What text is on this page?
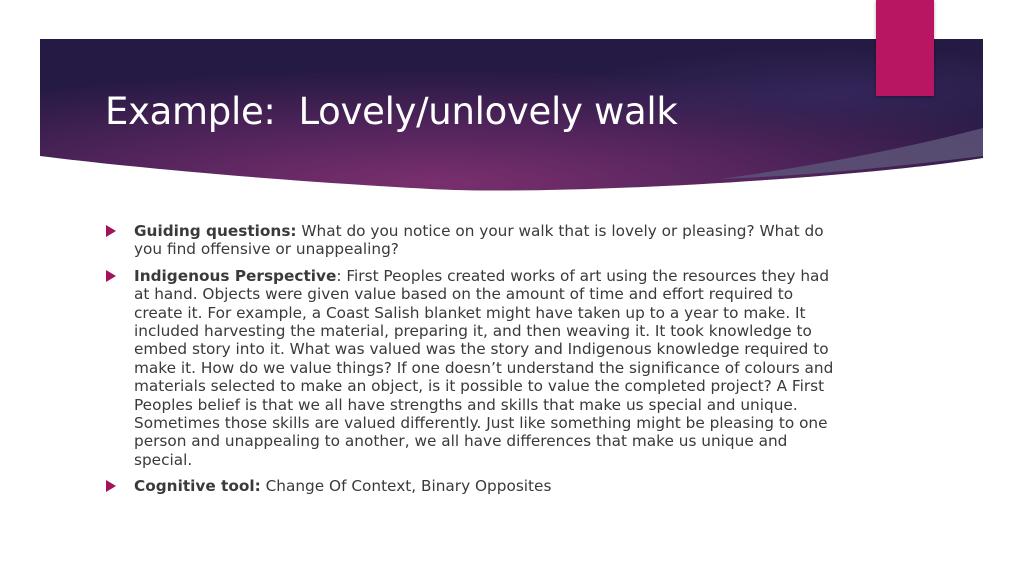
Example:  Lovely/unlovely walk
Guiding questions: What do you notice on your walk that is lovely or pleasing? What do you find offensive or unappealing?
Indigenous Perspective: First Peoples created works of art using the resources they had at hand. Objects were given value based on the amount of time and effort required to create it. For example, a Coast Salish blanket might have taken up to a year to make. It included harvesting the material, preparing it, and then weaving it. It took knowledge to embed story into it. What was valued was the story and Indigenous knowledge required to make it. How do we value things? If one doesn’t understand the significance of colours and materials selected to make an object, is it possible to value the completed project? A First Peoples belief is that we all have strengths and skills that make us special and unique. Sometimes those skills are valued differently. Just like something might be pleasing to one person and unappealing to another, we all have differences that make us unique and special.
Cognitive tool: Change Of Context, Binary Opposites
